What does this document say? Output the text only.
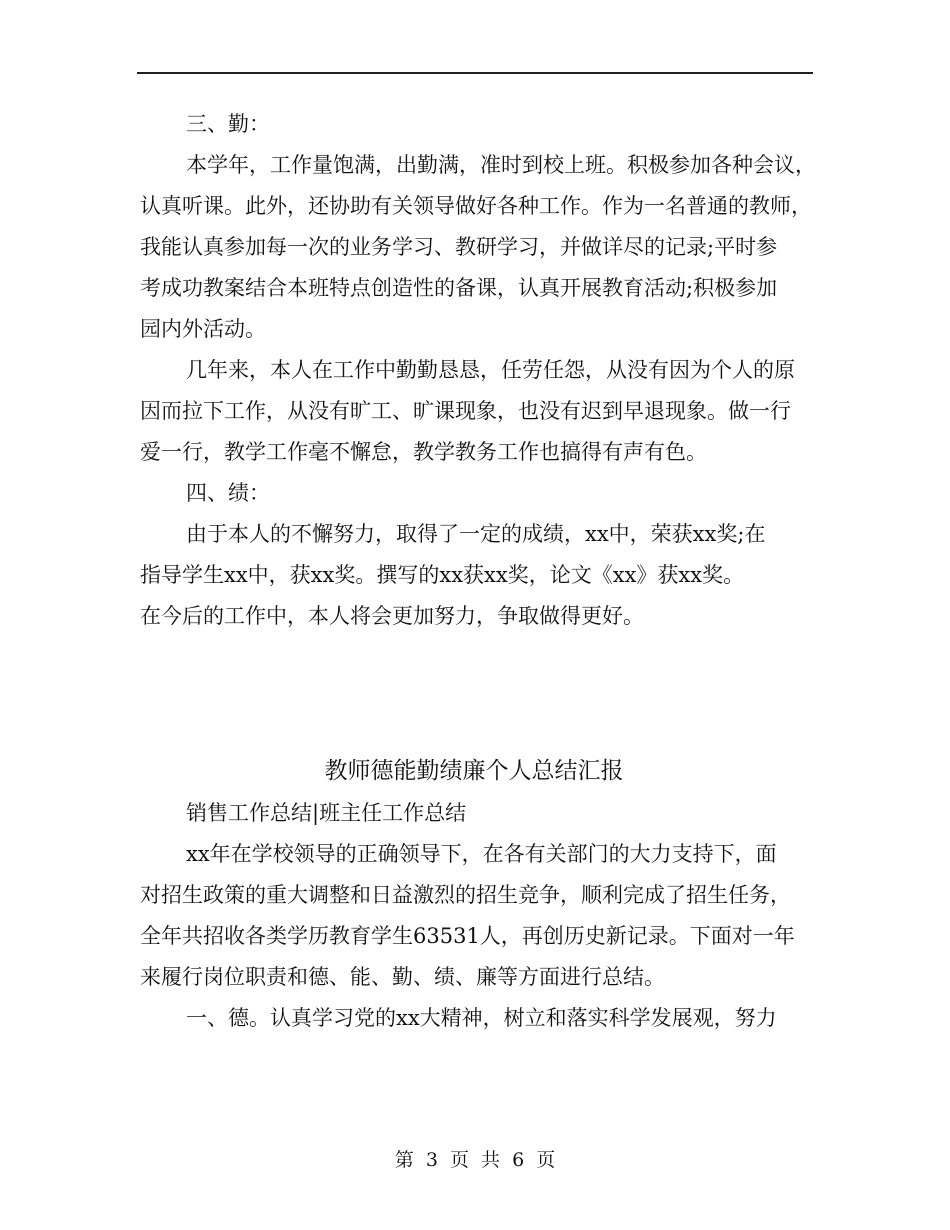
三、勤：

本学年，工作量饱满，出勤满，准时到校上班。积极参加各种会议，

认真听课。此外，还协助有关领导做好各种工作。作为一名普通的教师，

我能认真参加每一次的业务学习、教研学习，并做详尽的记录;平时参

考成功教案结合本班特点创造性的备课，认真开展教育活动;积极参加

园内外活动。

几年来，本人在工作中勤勤恳恳，任劳任怨，从没有因为个人的原

因而拉下工作，从没有旷工、旷课现象，也没有迟到早退现象。做一行

爱一行，教学工作毫不懈怠，教学教务工作也搞得有声有色。

四、绩：

由于本人的不懈努力，取得了一定的成绩，xx中，荣获xx奖;在

指导学生xx中，获xx奖。撰写的xx获xx奖，论文《xx》获xx奖。

在今后的工作中，本人将会更加努力，争取做得更好。

教师德能勤绩廉个人总结汇报

销售工作总结|班主任工作总结

xx年在学校领导的正确领导下，在各有关部门的大力支持下，面

对招生政策的重大调整和日益激烈的招生竞争，顺利完成了招生任务，

全年共招收各类学历教育学生63531人，再创历史新记录。下面对一年

来履行岗位职责和德、能、勤、绩、廉等方面进行总结。

一、德。认真学习党的xx大精神，树立和落实科学发展观，努力

第 3 页 共 6 页
